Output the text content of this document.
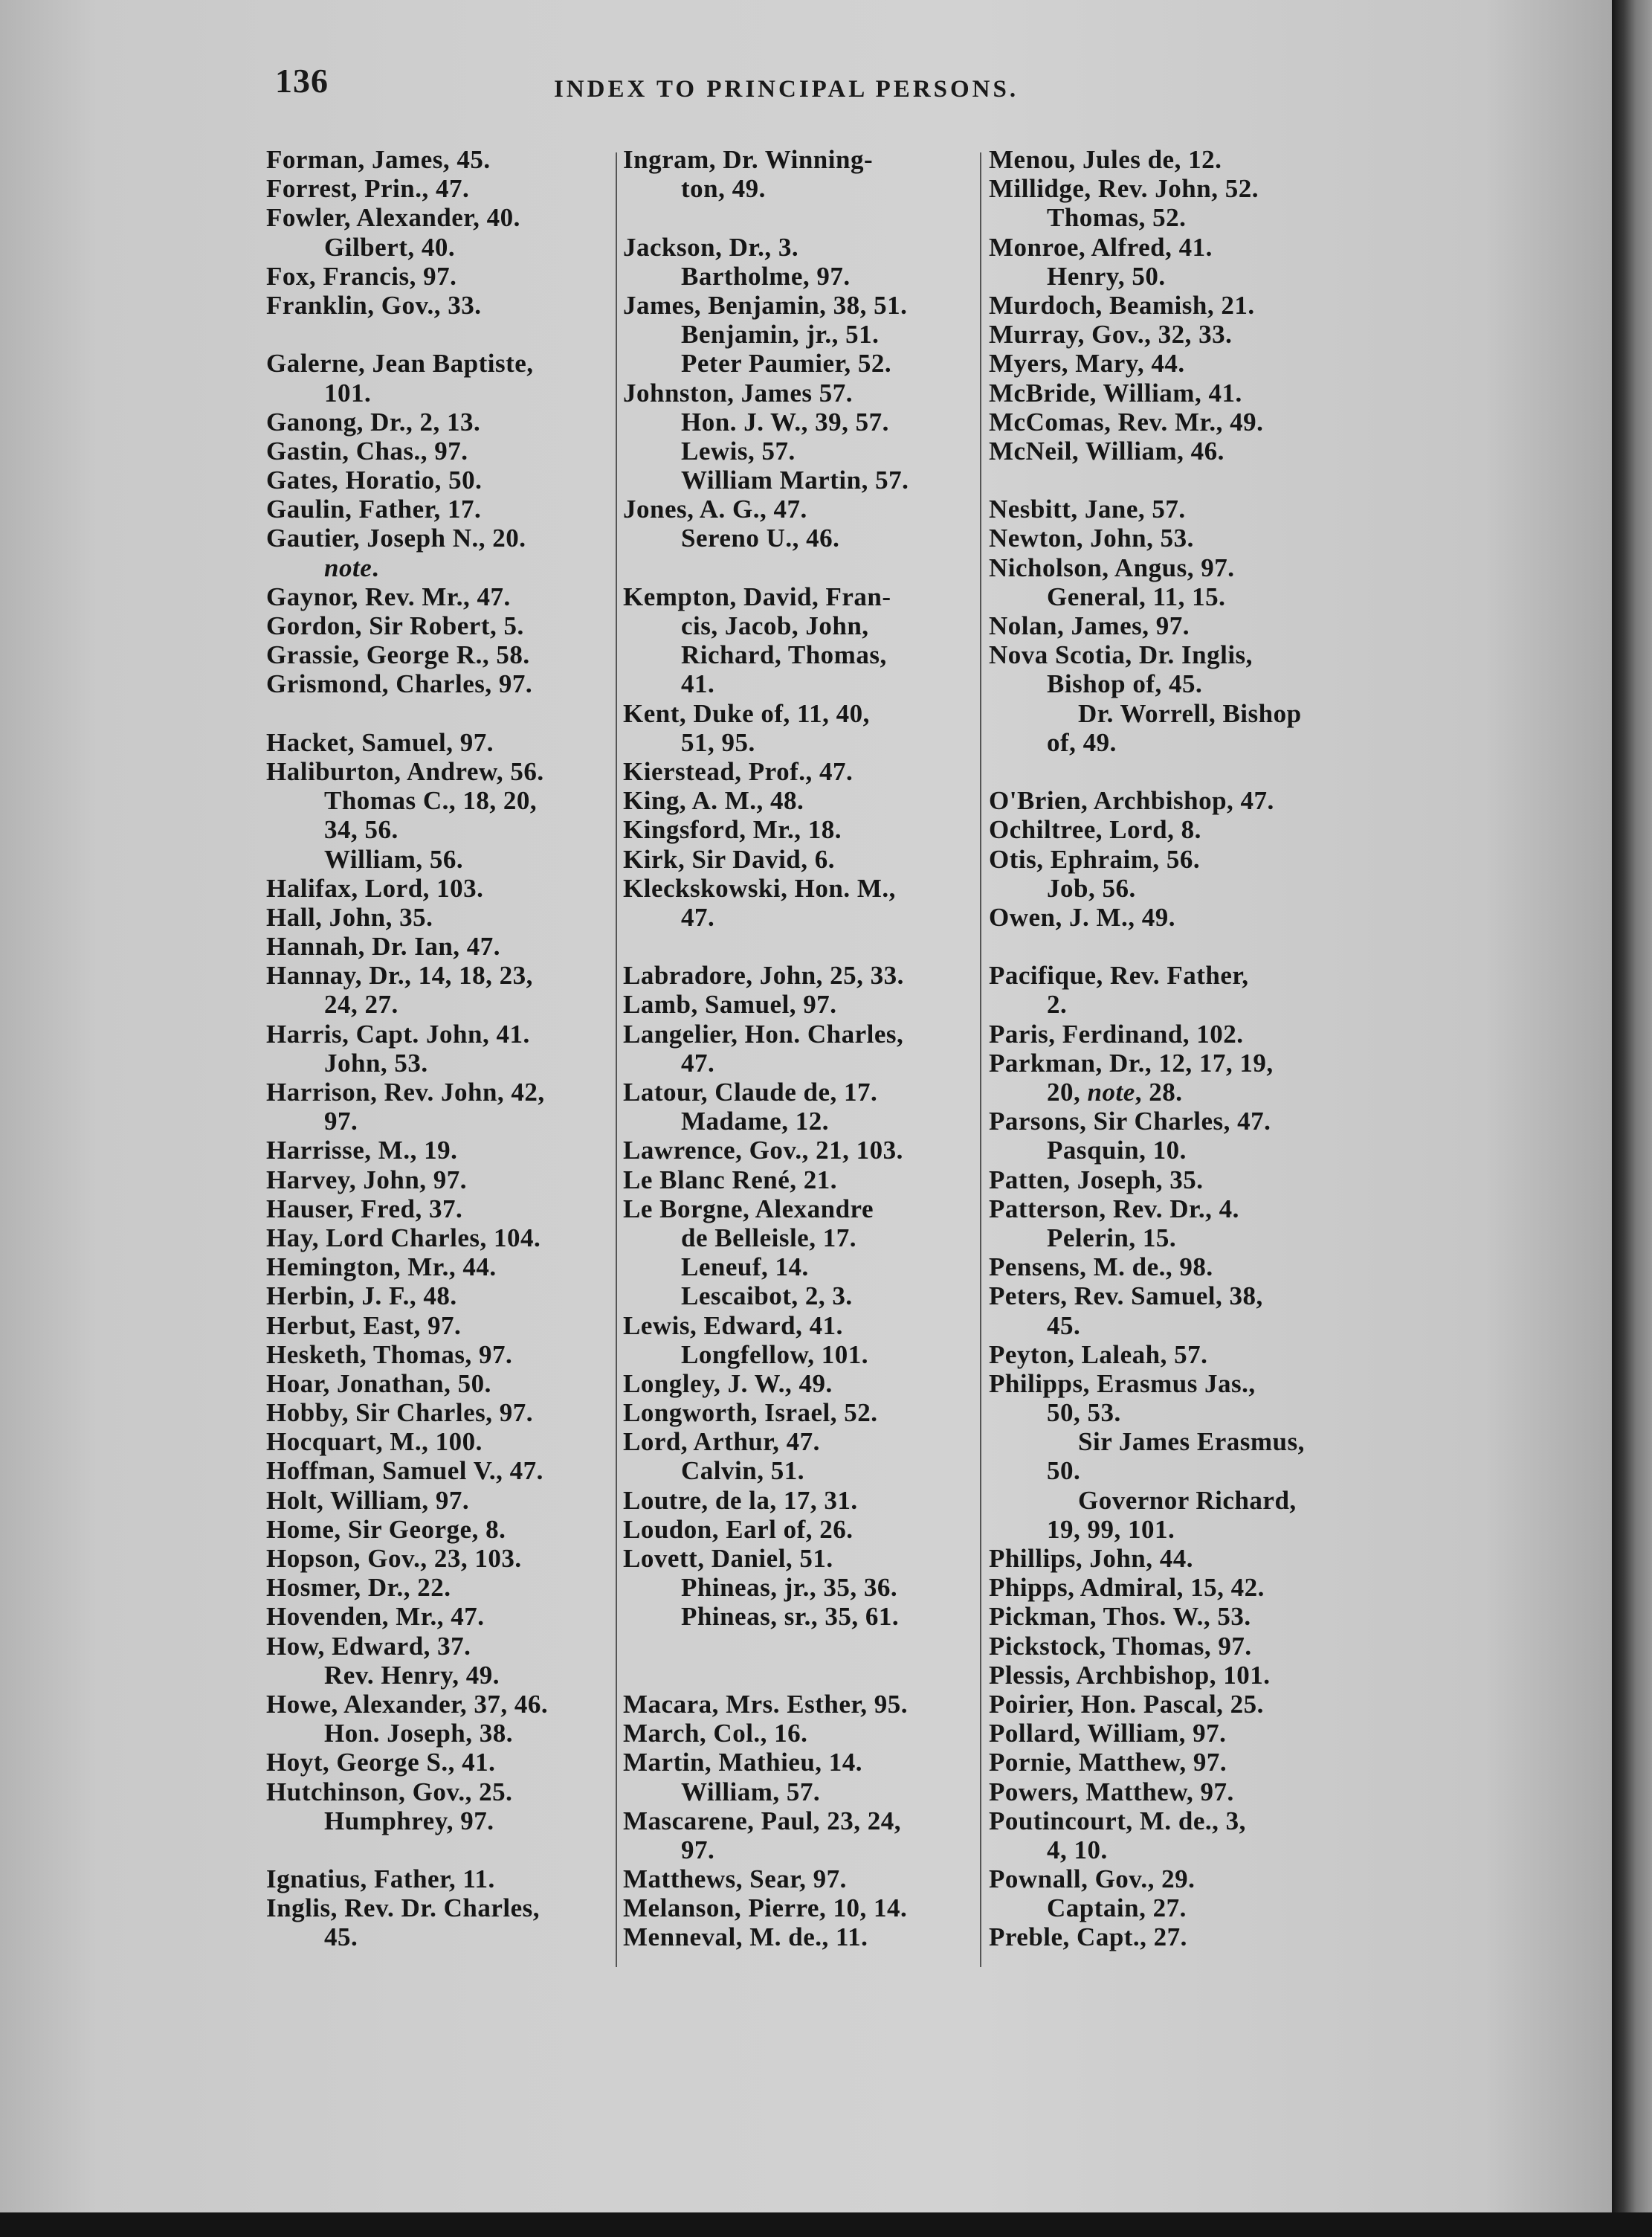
136	INDEX TO PRINCIPAL PERSONS.
Forman, James, 45.
Forrest, Prin., 47.
Fowler, Alexander, 40.
Gilbert, 40.
Fox, Francis, 97.
Franklin, Gov., 33.
Galerne, Jean Baptiste,
101.
Ganong, Dr., 2, 13.
Gastin, Chas., 97.
Gates, Horatio, 50.
Gaulin, Father, 17.
Gautier, Joseph N., 20.
note.
Gaynor, Rev. Mr., 47.
Gordon, Sir Robert, 5.
Grassie, George R., 58.
Grismond, Charles, 97.
Hacket, Samuel, 97.
Haliburton, Andrew, 56.
Thomas C., 18, 20,
34, 56.
William, 56.
Halifax, Lord, 103.
Hall, John, 35.
Hannah, Dr. Ian, 47.
Hannay, Dr., 14, 18, 23,
24, 27.
Harris, Capt. John, 41.
John, 53.
Harrison, Rev. John, 42,
97.
Harrisse, M., 19.
Harvey, John, 97.
Hauser, Fred, 37.
Hay, Lord Charles, 104.
Hemington, Mr., 44.
Herbin, J. F., 48.
Herbut, East, 97.
Hesketh, Thomas, 97.
Hoar, Jonathan, 50.
Hobby, Sir Charles, 97.
Hocquart, M., 100.
Hoffman, Samuel V., 47.
Holt, William, 97.
Home, Sir George, 8.
Hopson, Gov., 23, 103.
Hosmer, Dr., 22.
Hovenden, Mr., 47.
How, Edward, 37.
Rev. Henry, 49.
Howe, Alexander, 37, 46.
Hon. Joseph, 38.
Hoyt, George S., 41.
Hutchinson, Gov., 25.
Humphrey, 97.
Ignatius, Father, 11.
Inglis, Rev. Dr. Charles,
45.
Ingram, Dr. Winning-
ton, 49.
Jackson, Dr., 3.
Bartholme, 97.
James, Benjamin, 38, 51.
Benjamin, jr., 51.
Peter Paumier, 52.
Johnston, James 57.
Hon. J. W., 39, 57.
Lewis, 57.
William Martin, 57.
Jones, A. G., 47.
Sereno U., 46.
Kempton, David, Fran-
cis, Jacob, John,
Richard, Thomas,
41.
Kent, Duke of, 11, 40,
51, 95.
Kierstead, Prof., 47.
King, A. M., 48.
Kingsford, Mr., 18.
Kirk, Sir David, 6.
Kleckskowski, Hon. M.,
47.
Labradore, John, 25, 33.
Lamb, Samuel, 97.
Langelier, Hon. Charles,
47.
Latour, Claude de, 17.
Madame, 12.
Lawrence, Gov., 21, 103.
Le Blanc René, 21.
Le Borgne, Alexandre
de Belleisle, 17.
Leneuf, 14.
Lescaibot, 2, 3.
Lewis, Edward, 41.
Longfellow, 101.
Longley, J. W., 49.
Longworth, Israel, 52.
Lord, Arthur, 47.
Calvin, 51.
Loutre, de la, 17, 31.
Loudon, Earl of, 26.
Lovett, Daniel, 51.
Phineas, jr., 35, 36.
Phineas, sr., 35, 61.
Macara, Mrs. Esther, 95.
March, Col., 16.
Martin, Mathieu, 14.
William, 57.
Mascarene, Paul, 23, 24,
97.
Matthews, Sear, 97.
Melanson, Pierre, 10, 14.
Menneval, M. de., 11.
Menou, Jules de, 12.
Millidge, Rev. John, 52.
Thomas, 52.
Monroe, Alfred, 41.
Henry, 50.
Murdoch, Beamish, 21.
Murray, Gov., 32, 33.
Myers, Mary, 44.
McBride, William, 41.
McComas, Rev. Mr., 49.
McNeil, William, 46.
Nesbitt, Jane, 57.
Newton, John, 53.
Nicholson, Angus, 97.
General, 11, 15.
Nolan, James, 97.
Nova Scotia, Dr. Inglis,
Bishop of, 45.
Dr. Worrell, Bishop
of, 49.
O'Brien, Archbishop, 47.
Ochiltree, Lord, 8.
Otis, Ephraim, 56.
Job, 56.
Owen, J. M., 49.
Pacifique, Rev. Father,
2.
Paris, Ferdinand, 102.
Parkman, Dr., 12, 17, 19,
20, note, 28.
Parsons, Sir Charles, 47.
Pasquin, 10.
Patten, Joseph, 35.
Patterson, Rev. Dr., 4.
Pelerin, 15.
Pensens, M. de., 98.
Peters, Rev. Samuel, 38,
45.
Peyton, Laleah, 57.
Philipps, Erasmus Jas.,
50, 53.
Sir James Erasmus,
50.
Governor Richard,
19, 99, 101.
Phillips, John, 44.
Phipps, Admiral, 15, 42.
Pickman, Thos. W., 53.
Pickstock, Thomas, 97.
Plessis, Archbishop, 101.
Poirier, Hon. Pascal, 25.
Pollard, William, 97.
Pornie, Matthew, 97.
Powers, Matthew, 97.
Poutincourt, M. de., 3,
4, 10.
Pownall, Gov., 29.
Captain, 27.
Preble, Capt., 27.
